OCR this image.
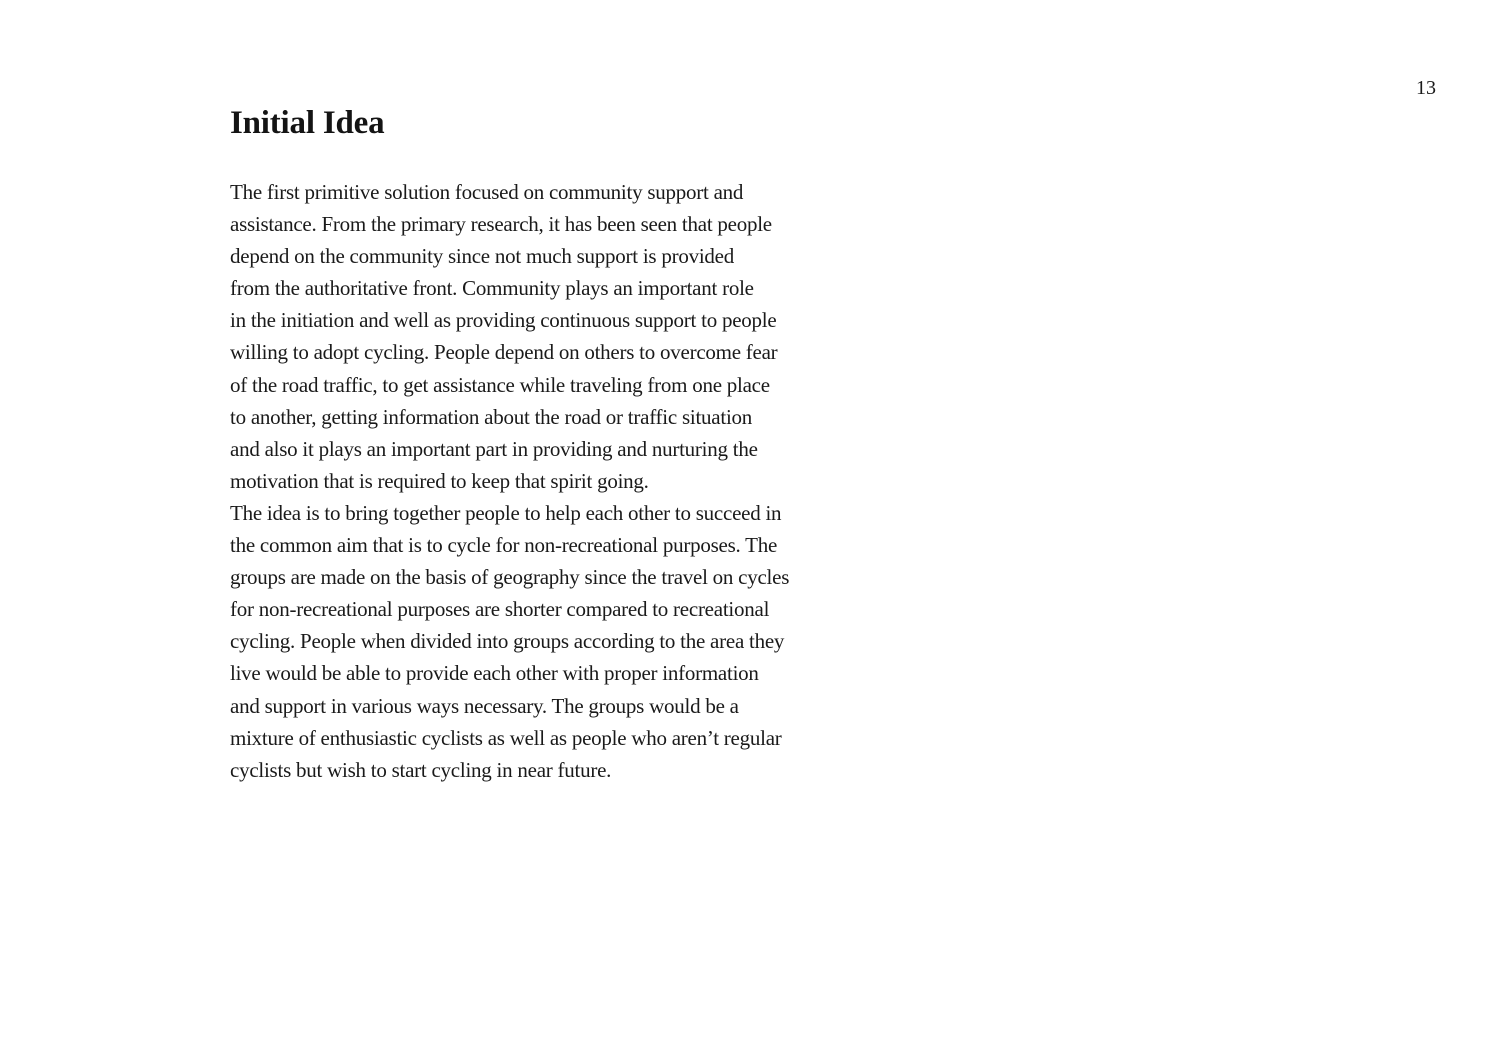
13
Initial Idea

The first primitive solution focused on community support and
assistance. From the primary research, it has been seen that people
depend on the community since not much support is provided
from the authoritative front. Community plays an important role
in the initiation and well as providing continuous support to people
willing to adopt cycling. People depend on others to overcome fear
of the road traffic, to get assistance while traveling from one place
to another, getting information about the road or traffic situation
and also it plays an important part in providing and nurturing the
motivation that is required to keep that spirit going.

The idea is to bring together people to help each other to succeed in
the common aim that is to cycle for non-recreational purposes. The
groups are made on the basis of geography since the travel on cycles
for non-recreational purposes are shorter compared to recreational
cycling. People when divided into groups according to the area they
live would be able to provide each other with proper information
and support in various ways necessary. The groups would be a
mixture of enthusiastic cyclists as well as people who aren’t regular
cyclists but wish to start cycling in near future.
